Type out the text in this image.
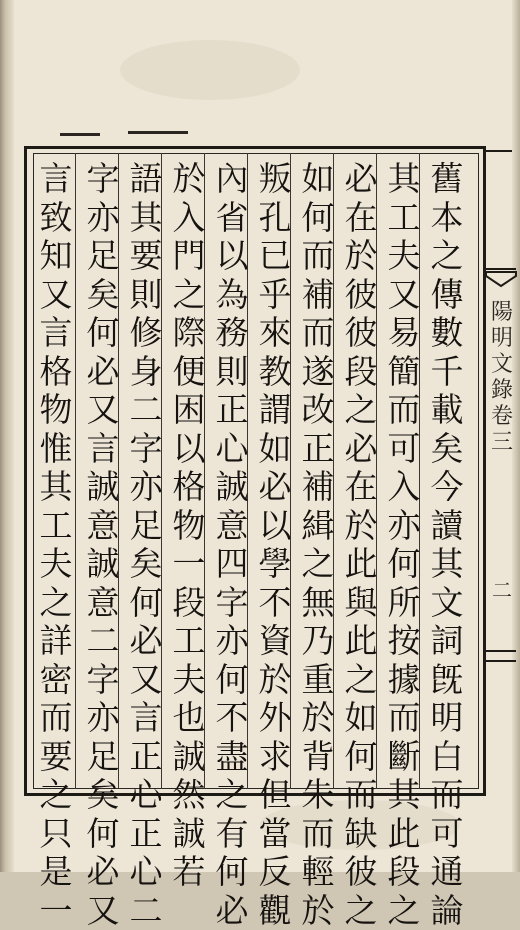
舊本之傳數千載矣今讀其文詞旣明白而可通論
其工夫又易簡而可入亦何所按據而斷其此段之
必在於彼彼段之必在於此與此之如何而缺彼之
如何而補而遂改正補緝之無乃重於背朱而輕於
叛孔已乎來教謂如必以學不資於外求但當反觀
內省以為務則正心誠意四字亦何不盡之有何必
於入門之際便困以格物一段工夫也誠然誠若
語其要則修身二字亦足矣何必又言正心正心二
字亦足矣何必又言誠意誠意二字亦足矣何必又
言致知又言格物惟其工夫之詳密而要之只是一
陽明文錄卷三
二
